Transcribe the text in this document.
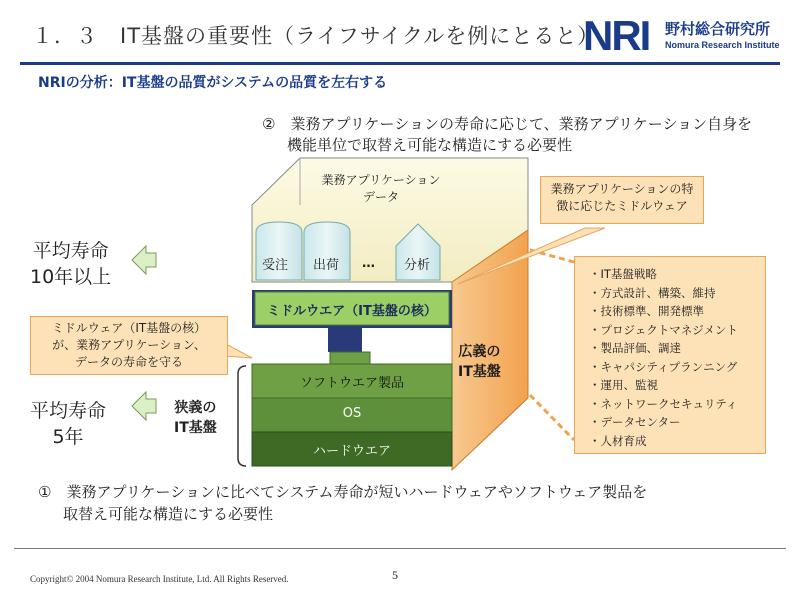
１．３　IT基盤の重要性（ライフサイクルを例にとると）
NRI 野村総合研究所
Nomura Research Institute
NRIの分析：IT基盤の品質がシステムの品質を左右する
②　業務アプリケーションの寿命に応じて、業務アプリケーション自身を
機能単位で取替え可能な構造にする必要性
業務アプリケーション
データ
受注 出荷 … 分析
ミドルウエア（IT基盤の核）
ソフトウエア製品
OS
ハードウエア
狭義の
IT基盤
広義の
IT基盤
平均寿命
10年以上
平均寿命
5年
業務アプリケーションの特
徴に応じたミドルウェア
ミドルウェア（IT基盤の核）
が、業務アプリケーション、
データの寿命を守る
・ IT基盤戦略
・ 方式設計、構築、維持
・ 技術標準、開発標準
・ プロジェクトマネジメント
・ 製品評価、調達
・ キャパシティプランニング
・ 運用、監視
・ ネットワークセキュリティ
・ データセンター
・ 人材育成
①　業務アプリケーションに比べてシステム寿命が短いハードウェアやソフトウェア製品を
取替え可能な構造にする必要性
Copyright© 2004 Nomura Research Institute, Ltd. All Rights Reserved.	5
